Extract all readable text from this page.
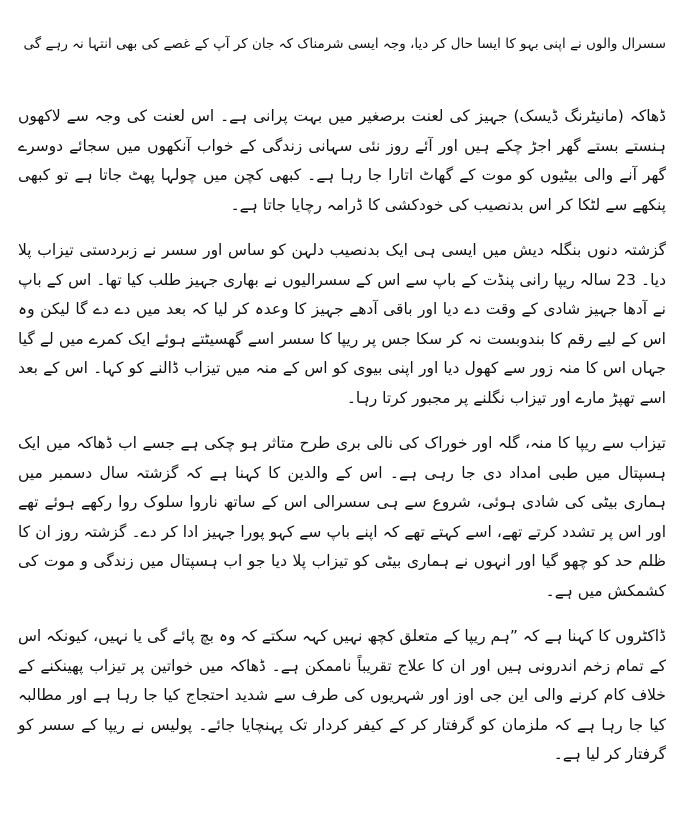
سسرال والوں نے اپنی بہو کا ایسا حال کر دیا، وجہ ایسی شرمناک کہ جان کر آپ کے غصے کی بھی انتہا نہ رہے گی

ڈھاکہ (مانیٹرنگ ڈیسک) جہیز کی لعنت برصغیر میں بہت پرانی ہے۔ اس لعنت کی وجہ سے لاکھوں ہنستے بستے گھر اجڑ چکے ہیں اور آئے روز نئی سہانی زندگی کے خواب آنکھوں میں سجائے دوسرے گھر آنے والی بیٹیوں کو موت کے گھاٹ اتارا جا رہا ہے۔ کبھی کچن میں چولہا پھٹ جاتا ہے تو کبھی پنکھے سے لٹکا کر اس بدنصیب کی خودکشی کا ڈرامہ رچایا جاتا ہے۔

گزشتہ دنوں بنگلہ دیش میں ایسی ہی ایک بدنصیب دلہن کو ساس اور سسر نے زبردستی تیزاب پلا دیا۔ 23 سالہ ریپا رانی پنڈت کے باپ سے اس کے سسرالیوں نے بھاری جہیز طلب کیا تھا۔ اس کے باپ نے آدھا جہیز شادی کے وقت دے دیا اور باقی آدھے جہیز کا وعدہ کر لیا کہ بعد میں دے دے گا لیکن وہ اس کے لیے رقم کا بندوبست نہ کر سکا جس پر ریپا کا سسر اسے گھسیٹتے ہوئے ایک کمرے میں لے گیا جہاں اس کا منہ زور سے کھول دیا اور اپنی بیوی کو اس کے منہ میں تیزاب ڈالنے کو کہا۔ اس کے بعد اسے تھپڑ مارے اور تیزاب نگلنے پر مجبور کرتا رہا۔

تیزاب سے ریپا کا منہ، گلہ اور خوراک کی نالی بری طرح متاثر ہو چکی ہے جسے اب ڈھاکہ میں ایک ہسپتال میں طبی امداد دی جا رہی ہے۔ اس کے والدین کا کہنا ہے کہ گزشتہ سال دسمبر میں ہماری بیٹی کی شادی ہوئی، شروع سے ہی سسرالی اس کے ساتھ ناروا سلوک روا رکھے ہوئے تھے اور اس پر تشدد کرتے تھے، اسے کہتے تھے کہ اپنے باپ سے کہو پورا جہیز ادا کر دے۔ گزشتہ روز ان کا ظلم حد کو چھو گیا اور انہوں نے ہماری بیٹی کو تیزاب پلا دیا جو اب ہسپتال میں زندگی و موت کی کشمکش میں ہے۔

ڈاکٹروں کا کہنا ہے کہ ”ہم ریپا کے متعلق کچھ نہیں کہہ سکتے کہ وہ بچ پائے گی یا نہیں، کیونکہ اس کے تمام زخم اندرونی ہیں اور ان کا علاج تقریباً ناممکن ہے۔ ڈھاکہ میں خواتین پر تیزاب پھینکنے کے خلاف کام کرنے والی این جی اوز اور شہریوں کی طرف سے شدید احتجاج کیا جا رہا ہے اور مطالبہ کیا جا رہا ہے کہ ملزمان کو گرفتار کر کے کیفر کردار تک پہنچایا جائے۔ پولیس نے ریپا کے سسر کو گرفتار کر لیا ہے۔
